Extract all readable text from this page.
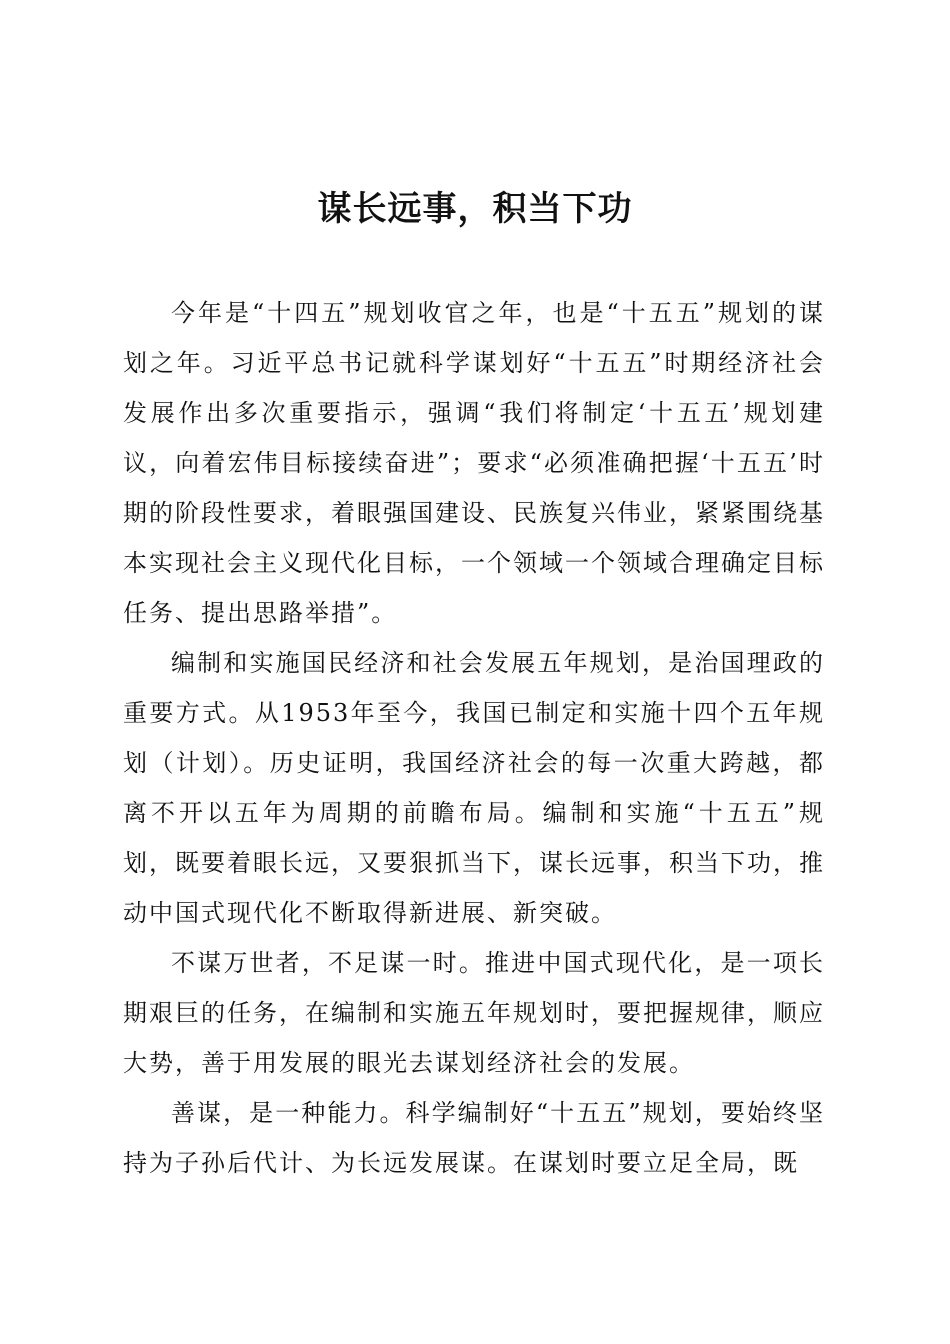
谋长远事，积当下功

今年是“十四五”规划收官之年，也是“十五五”规划的谋划之年。习近平总书记就科学谋划好“十五五”时期经济社会发展作出多次重要指示，强调“我们将制定‘十五五’规划建议，向着宏伟目标接续奋进”；要求“必须准确把握‘十五五’时期的阶段性要求，着眼强国建设、民族复兴伟业，紧紧围绕基本实现社会主义现代化目标，一个领域一个领域合理确定目标任务、提出思路举措”。

编制和实施国民经济和社会发展五年规划，是治国理政的重要方式。从1953年至今，我国已制定和实施十四个五年规划（计划）。历史证明，我国经济社会的每一次重大跨越，都离不开以五年为周期的前瞻布局。编制和实施“十五五”规划，既要着眼长远，又要狠抓当下，谋长远事，积当下功，推动中国式现代化不断取得新进展、新突破。

不谋万世者，不足谋一时。推进中国式现代化，是一项长期艰巨的任务，在编制和实施五年规划时，要把握规律，顺应大势，善于用发展的眼光去谋划经济社会的发展。

善谋，是一种能力。科学编制好“十五五”规划，要始终坚持为子孙后代计、为长远发展谋。在谋划时要立足全局，既
